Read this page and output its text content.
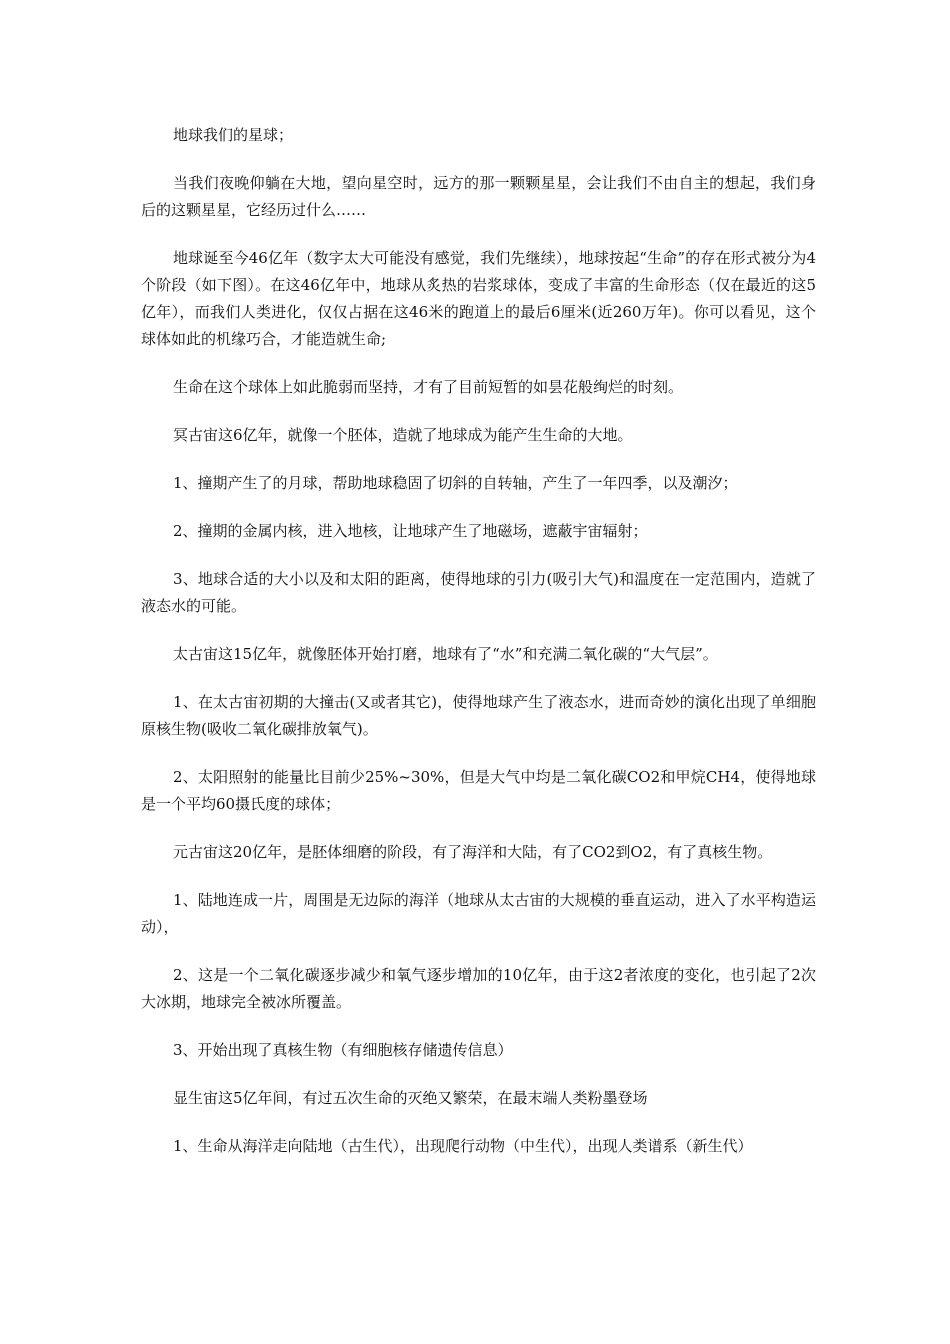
地球我们的星球；

当我们夜晚仰躺在大地，望向星空时，远方的那一颗颗星星，会让我们不由自主的想起，我们身后的这颗星星，它经历过什么……

地球诞至今46亿年（数字太大可能没有感觉，我们先继续），地球按起“生命”的存在形式被分为4个阶段（如下图）。在这46亿年中，地球从炙热的岩浆球体，变成了丰富的生命形态（仅在最近的这5亿年），而我们人类进化，仅仅占据在这46米的跑道上的最后6厘米(近260万年)。你可以看见，这个球体如此的机缘巧合，才能造就生命;

生命在这个球体上如此脆弱而坚持，才有了目前短暂的如昙花般绚烂的时刻。

冥古宙这6亿年，就像一个胚体，造就了地球成为能产生生命的大地。

1、撞期产生了的月球，帮助地球稳固了切斜的自转轴，产生了一年四季，以及潮汐；

2、撞期的金属内核，进入地核，让地球产生了地磁场，遮蔽宇宙辐射；

3、地球合适的大小以及和太阳的距离，使得地球的引力(吸引大气)和温度在一定范围内，造就了液态水的可能。

太古宙这15亿年，就像胚体开始打磨，地球有了“水”和充满二氧化碳的“大气层”。

1、在太古宙初期的大撞击(又或者其它)，使得地球产生了液态水，进而奇妙的演化出现了单细胞原核生物(吸收二氧化碳排放氧气)。

2、太阳照射的能量比目前少25%~30%，但是大气中均是二氧化碳CO2和甲烷CH4，使得地球是一个平均60摄氏度的球体；

元古宙这20亿年，是胚体细磨的阶段，有了海洋和大陆，有了CO2到O2，有了真核生物。

1、陆地连成一片，周围是无边际的海洋（地球从太古宙的大规模的垂直运动，进入了水平构造运动），

2、这是一个二氧化碳逐步减少和氧气逐步增加的10亿年，由于这2者浓度的变化，也引起了2次大冰期，地球完全被冰所覆盖。

3、开始出现了真核生物（有细胞核存储遗传信息）

显生宙这5亿年间，有过五次生命的灭绝又繁荣，在最末端人类粉墨登场

1、生命从海洋走向陆地（古生代），出现爬行动物（中生代），出现人类谱系（新生代）
